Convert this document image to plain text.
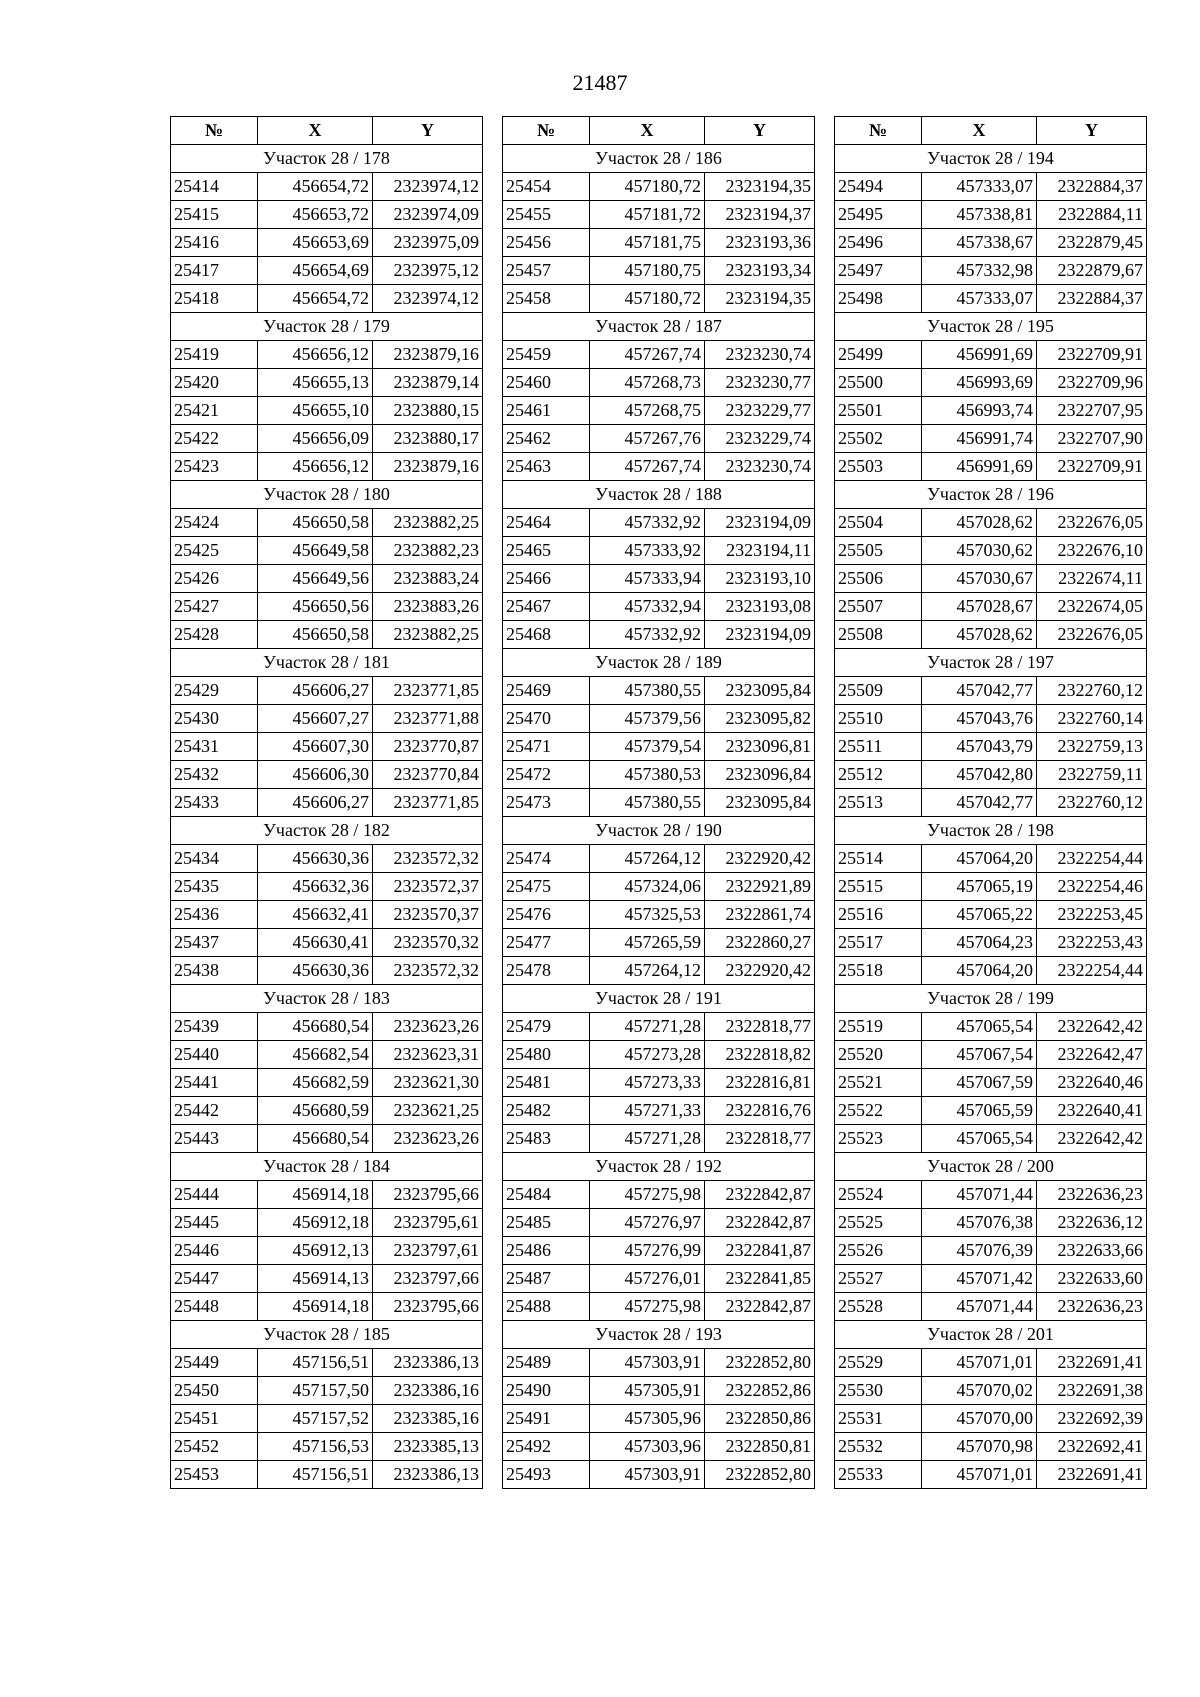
21487
№	X	Y
Участок 28 / 178		
25414	456654,72	2323974,12
25415	456653,72	2323974,09
25416	456653,69	2323975,09
25417	456654,69	2323975,12
25418	456654,72	2323974,12
Участок 28 / 179		
25419	456656,12	2323879,16
25420	456655,13	2323879,14
25421	456655,10	2323880,15
25422	456656,09	2323880,17
25423	456656,12	2323879,16
Участок 28 / 180		
25424	456650,58	2323882,25
25425	456649,58	2323882,23
25426	456649,56	2323883,24
25427	456650,56	2323883,26
25428	456650,58	2323882,25
Участок 28 / 181		
25429	456606,27	2323771,85
25430	456607,27	2323771,88
25431	456607,30	2323770,87
25432	456606,30	2323770,84
25433	456606,27	2323771,85
Участок 28 / 182		
25434	456630,36	2323572,32
25435	456632,36	2323572,37
25436	456632,41	2323570,37
25437	456630,41	2323570,32
25438	456630,36	2323572,32
Участок 28 / 183		
25439	456680,54	2323623,26
25440	456682,54	2323623,31
25441	456682,59	2323621,30
25442	456680,59	2323621,25
25443	456680,54	2323623,26
Участок 28 / 184		
25444	456914,18	2323795,66
25445	456912,18	2323795,61
25446	456912,13	2323797,61
25447	456914,13	2323797,66
25448	456914,18	2323795,66
Участок 28 / 185		
25449	457156,51	2323386,13
25450	457157,50	2323386,16
25451	457157,52	2323385,16
25452	457156,53	2323385,13
25453	457156,51	2323386,13
№	X	Y
Участок 28 / 186		
25454	457180,72	2323194,35
25455	457181,72	2323194,37
25456	457181,75	2323193,36
25457	457180,75	2323193,34
25458	457180,72	2323194,35
Участок 28 / 187		
25459	457267,74	2323230,74
25460	457268,73	2323230,77
25461	457268,75	2323229,77
25462	457267,76	2323229,74
25463	457267,74	2323230,74
Участок 28 / 188		
25464	457332,92	2323194,09
25465	457333,92	2323194,11
25466	457333,94	2323193,10
25467	457332,94	2323193,08
25468	457332,92	2323194,09
Участок 28 / 189		
25469	457380,55	2323095,84
25470	457379,56	2323095,82
25471	457379,54	2323096,81
25472	457380,53	2323096,84
25473	457380,55	2323095,84
Участок 28 / 190		
25474	457264,12	2322920,42
25475	457324,06	2322921,89
25476	457325,53	2322861,74
25477	457265,59	2322860,27
25478	457264,12	2322920,42
Участок 28 / 191		
25479	457271,28	2322818,77
25480	457273,28	2322818,82
25481	457273,33	2322816,81
25482	457271,33	2322816,76
25483	457271,28	2322818,77
Участок 28 / 192		
25484	457275,98	2322842,87
25485	457276,97	2322842,87
25486	457276,99	2322841,87
25487	457276,01	2322841,85
25488	457275,98	2322842,87
Участок 28 / 193		
25489	457303,91	2322852,80
25490	457305,91	2322852,86
25491	457305,96	2322850,86
25492	457303,96	2322850,81
25493	457303,91	2322852,80
№	X	Y
Участок 28 / 194		
25494	457333,07	2322884,37
25495	457338,81	2322884,11
25496	457338,67	2322879,45
25497	457332,98	2322879,67
25498	457333,07	2322884,37
Участок 28 / 195		
25499	456991,69	2322709,91
25500	456993,69	2322709,96
25501	456993,74	2322707,95
25502	456991,74	2322707,90
25503	456991,69	2322709,91
Участок 28 / 196		
25504	457028,62	2322676,05
25505	457030,62	2322676,10
25506	457030,67	2322674,11
25507	457028,67	2322674,05
25508	457028,62	2322676,05
Участок 28 / 197		
25509	457042,77	2322760,12
25510	457043,76	2322760,14
25511	457043,79	2322759,13
25512	457042,80	2322759,11
25513	457042,77	2322760,12
Участок 28 / 198		
25514	457064,20	2322254,44
25515	457065,19	2322254,46
25516	457065,22	2322253,45
25517	457064,23	2322253,43
25518	457064,20	2322254,44
Участок 28 / 199		
25519	457065,54	2322642,42
25520	457067,54	2322642,47
25521	457067,59	2322640,46
25522	457065,59	2322640,41
25523	457065,54	2322642,42
Участок 28 / 200		
25524	457071,44	2322636,23
25525	457076,38	2322636,12
25526	457076,39	2322633,66
25527	457071,42	2322633,60
25528	457071,44	2322636,23
Участок 28 / 201		
25529	457071,01	2322691,41
25530	457070,02	2322691,38
25531	457070,00	2322692,39
25532	457070,98	2322692,41
25533	457071,01	2322691,41
